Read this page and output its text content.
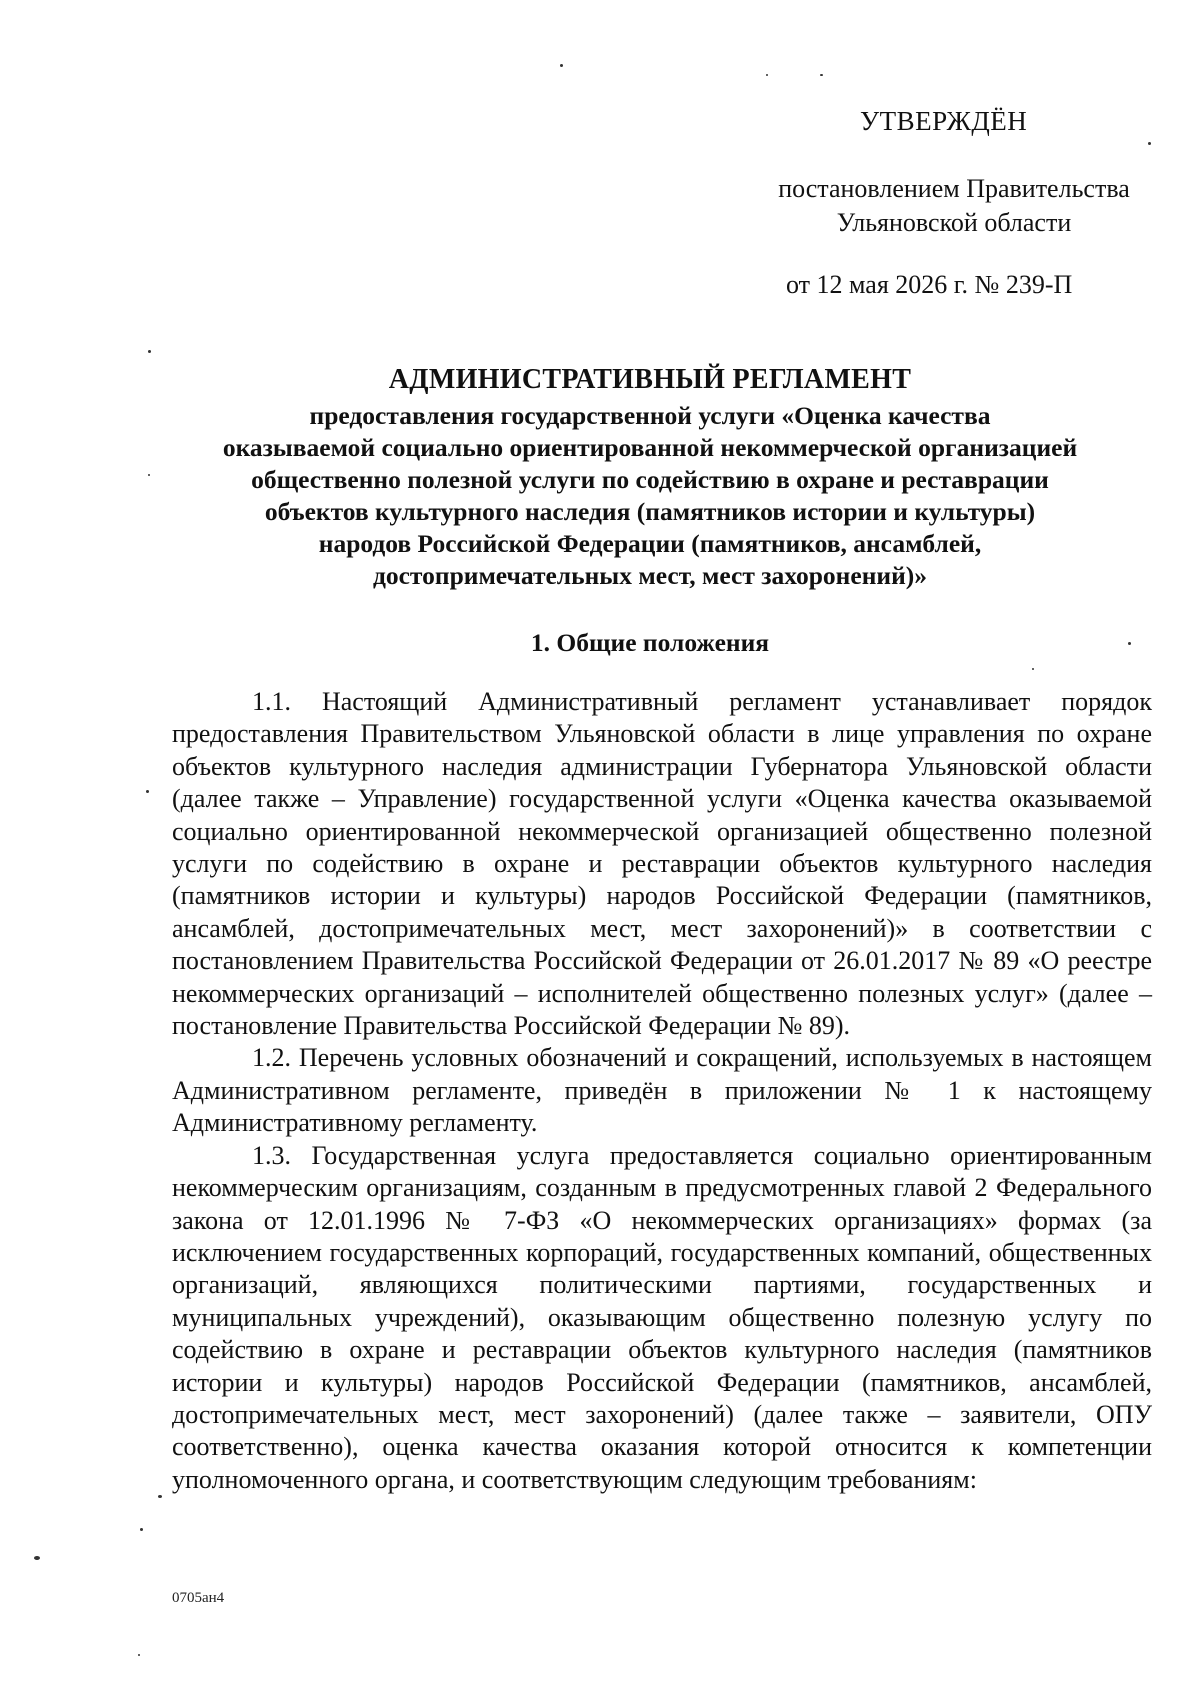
УТВЕРЖДЁН
постановлением Правительства
Ульяновской области
от 12 мая 2026 г. № 239-П
АДМИНИСТРАТИВНЫЙ РЕГЛАМЕНТ
предоставления государственной услуги «Оценка качества
оказываемой социально ориентированной некоммерческой организацией
общественно полезной услуги по содействию в охране и реставрации
объектов культурного наследия (памятников истории и культуры)
народов Российской Федерации (памятников, ансамблей,
достопримечательных мест, мест захоронений)»
1. Общие положения

1.1. Настоящий Административный регламент устанавливает порядок предоставления Правительством Ульяновской области в лице управления по охране объектов культурного наследия администрации Губернатора Ульяновской области (далее также – Управление) государственной услуги «Оценка качества оказываемой социально ориентированной некоммерческой организацией общественно полезной услуги по содействию в охране и реставрации объектов культурного наследия (памятников истории и культуры) народов Российской Федерации (памятников, ансамблей, достопримечательных мест, мест захоронений)» в соответствии с постановлением Правительства Российской Федерации от 26.01.2017 № 89 «О реестре некоммерческих организаций – исполнителей общественно полезных услуг» (далее – постановление Правительства Российской Федерации № 89).

1.2. Перечень условных обозначений и сокращений, используемых в настоящем Административном регламенте, приведён в приложении № 1 к настоящему Административному регламенту.

1.3. Государственная услуга предоставляется социально ориентированным некоммерческим организациям, созданным в предусмотренных главой 2 Федерального закона от 12.01.1996 № 7-ФЗ «О некоммерческих организациях» формах (за исключением государственных корпораций, государственных компаний, общественных организаций, являющихся политическими партиями, государственных и муниципальных учреждений), оказывающим общественно полезную услугу по содействию в охране и реставрации объектов культурного наследия (памятников истории и культуры) народов Российской Федерации (памятников, ансамблей, достопримечательных мест, мест захоронений) (далее также – заявители, ОПУ соответственно), оценка качества оказания которой относится к компетенции уполномоченного органа, и соответствующим следующим требованиям:

0705ан4
